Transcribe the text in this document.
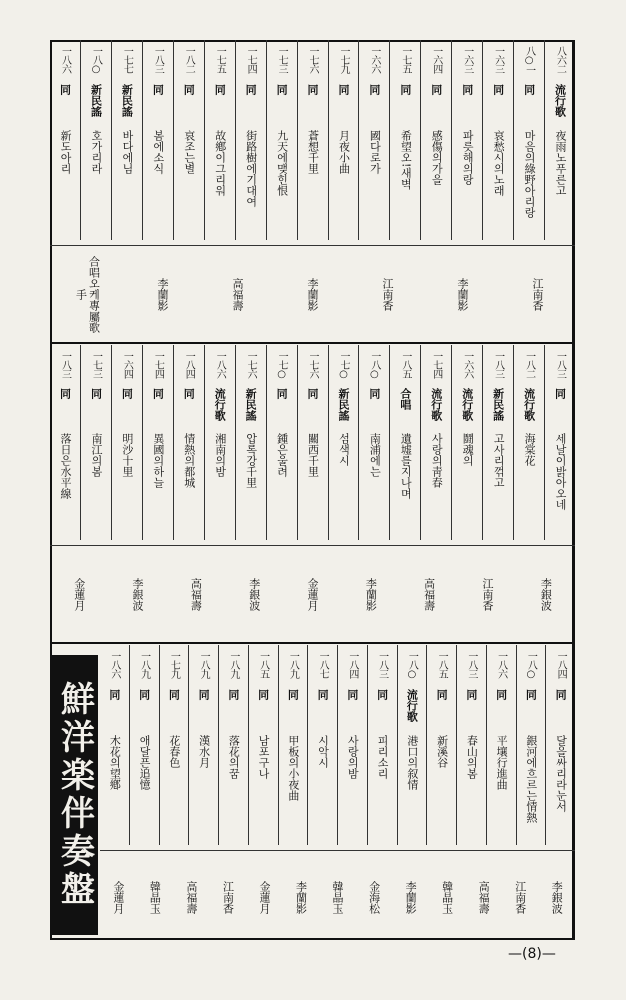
八六二
流行歌
夜雨노푸른고
八○一
同
마음의綠野아리랑
一六三
同
哀愁시의노래
一六三
同
파릇해의랑
一六四
同
感傷의가을
一七五
同
希望오!새벽
一六六
同
國다로가
一七九
同
月夜小曲
一七六
同
蒼想千里
一七三
同
九天에맺힌恨
一七四
同
街路樹에기대여
一七五
同
故鄕이그리워
一八二
同
哀조는별
一八三
同
봄에소식
一七七
新民謠
바다에님
一八○
新民謠
호가리라
一八六
同
新도아리
江南香
李蘭影
江南香
李蘭影
高福壽
李蘭影
合唱오케專屬歌手
一八三
同
세날이밝아오네
一八二
流行歌
海棠花
一八三
新民謠
고사리꺾고
一六六
流行歌
鬪魂의
一七四
流行歌
사랑의靑春
一八五
合唱
遺墟를지나며
一八○
同
南浦에는
一七○
新民謠
섬색시
一七六
同
關西千里
一七○
同
鍾은울려
一七六
新民謠
압록강千里
一八六
流行歌
湘南의밤
一八四
同
情熱의都城
一七四
同
異國의하늘
一六四
同
明沙十里
一七三
同
南江의봄
一八三
同
落日은水平線
李銀波
江南香
高福壽
李蘭影
金蓮月
李銀波
高福壽
李銀波
金蓮月
一八四
同
달을싸리라눈서
一八○
同
銀河에흐르는情熱
一八六
同
平壤行進曲
一八三
同
春山의봄
一八五
同
新溪谷
一八○
流行歌
港口의叙情
一八三
同
피리소리
一八四
同
사랑의밤
一八七
同
시악시
一八九
同
甲板의小夜曲
一八五
同
남포구나
一八九
同
落花의꿈
一八九
同
漢水月
一七九
同
花春色
一八九
同
애달픈追憶
一八六
同
木花의望鄕
李銀波
江南香
高福壽
韓晶玉
李蘭影
金海松
韓晶玉
李蘭影
金蓮月
江南香
高福壽
韓晶玉
金蓮月
鮮洋楽伴奏盤
—(8)—
